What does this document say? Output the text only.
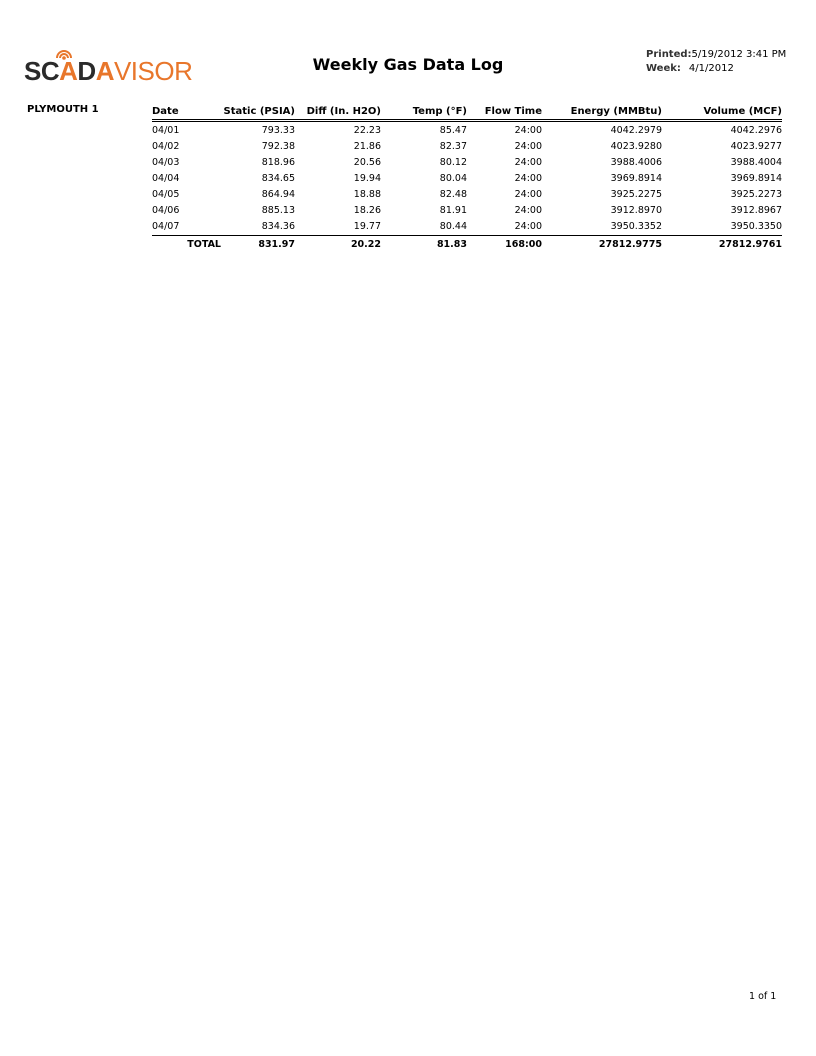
SCADAVISOR	Weekly Gas Data Log
Printed:5/19/2012 3:41 PM
Week: 4/1/2012
PLYMOUTH 1	Date	Static (PSIA)	Diff (In. H2O)	Temp (°F)	Flow Time	Energy (MMBtu)	Volume (MCF)
04/01	793.33	22.23	85.47	24:00	4042.2979	4042.2976
04/02	792.38	21.86	82.37	24:00	4023.9280	4023.9277
04/03	818.96	20.56	80.12	24:00	3988.4006	3988.4004
04/04	834.65	19.94	80.04	24:00	3969.8914	3969.8914
04/05	864.94	18.88	82.48	24:00	3925.2275	3925.2273
04/06	885.13	18.26	81.91	24:00	3912.8970	3912.8967
04/07	834.36	19.77	80.44	24:00	3950.3352	3950.3350
TOTAL	831.97	20.22	81.83	168:00	27812.9775	27812.9761
1 of 1
